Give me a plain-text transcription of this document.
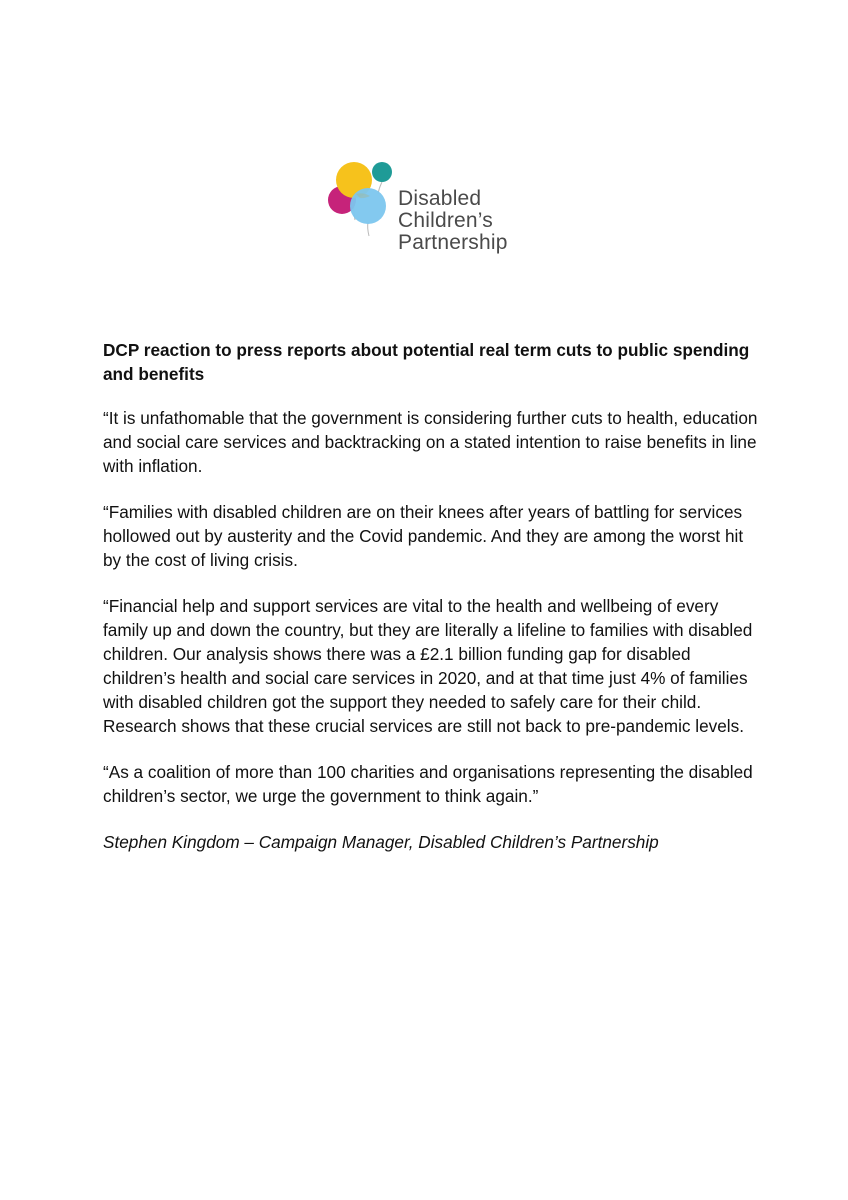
Disabled
Children’s
Partnership

DCP reaction to press reports about potential real term cuts to public spending and benefits

“It is unfathomable that the government is considering further cuts to health, education and social care services and backtracking on a stated intention to raise benefits in line with inflation.

“Families with disabled children are on their knees after years of battling for services hollowed out by austerity and the Covid pandemic. And they are among the worst hit by the cost of living crisis.

“Financial help and support services are vital to the health and wellbeing of every family up and down the country, but they are literally a lifeline to families with disabled children. Our analysis shows there was a £2.1 billion funding gap for disabled children’s health and social care services in 2020, and at that time just 4% of families with disabled children got the support they needed to safely care for their child. Research shows that these crucial services are still not back to pre-pandemic levels.

“As a coalition of more than 100 charities and organisations representing the disabled children’s sector, we urge the government to think again.”

Stephen Kingdom – Campaign Manager, Disabled Children’s Partnership
